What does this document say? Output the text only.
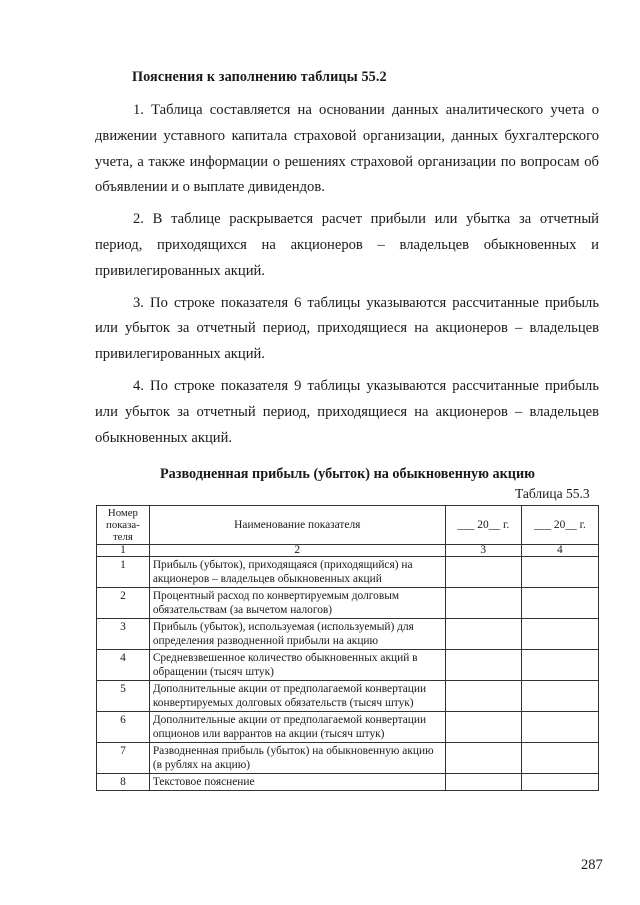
Пояснения к заполнению таблицы 55.2

1. Таблица составляется на основании данных аналитического учета о движении уставного капитала страховой организации, данных бухгалтерского учета, а также информации о решениях страховой организации по вопросам об объявлении и о выплате дивидендов.

2. В таблице раскрывается расчет прибыли или убытка за отчетный период, приходящихся на акционеров – владельцев обыкновенных и привилегированных акций.

3. По строке показателя 6 таблицы указываются рассчитанные прибыль или убыток за отчетный период, приходящиеся на акционеров – владельцев привилегированных акций.

4. По строке показателя 9 таблицы указываются рассчитанные прибыль или убыток за отчетный период, приходящиеся на акционеров – владельцев обыкновенных акций.

Разводненная прибыль (убыток) на обыкновенную акцию
Таблица 55.3
Номер показа- теля	Наименование показателя	___ 20__ г.	___ 20__ г.
1	2	3	4
1	Прибыль (убыток), приходящаяся (приходящийся) на акционеров – владельцев обыкновенных акций		
2	Процентный расход по конвертируемым долговым обязательствам (за вычетом налогов)		
3	Прибыль (убыток), используемая (используемый) для определения разводненной прибыли на акцию		
4	Средневзвешенное количество обыкновенных акций в обращении (тысяч штук)		
5	Дополнительные акции от предполагаемой конвертации конвертируемых долговых обязательств (тысяч штук)		
6	Дополнительные акции от предполагаемой конвертации опционов или варрантов на акции (тысяч штук)		
7	Разводненная прибыль (убыток) на обыкновенную акцию (в рублях на акцию)		
8	Текстовое пояснение		
287
